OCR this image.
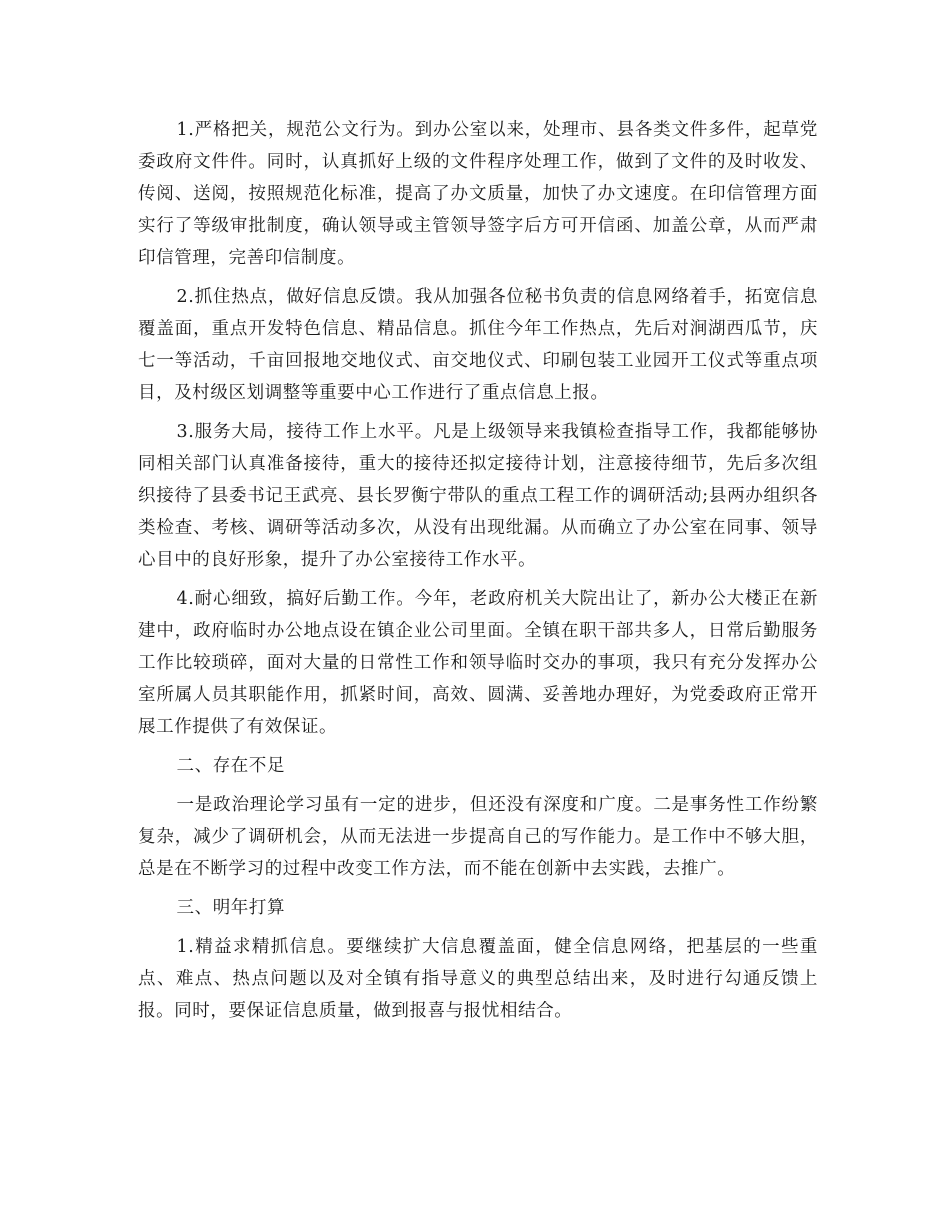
1.严格把关，规范公文行为。到办公室以来，处理市、县各类文件多件，起草党委政府文件件。同时，认真抓好上级的文件程序处理工作，做到了文件的及时收发、传阅、送阅，按照规范化标准，提高了办文质量，加快了办文速度。在印信管理方面实行了等级审批制度，确认领导或主管领导签字后方可开信函、加盖公章，从而严肃印信管理，完善印信制度。

2.抓住热点，做好信息反馈。我从加强各位秘书负责的信息网络着手，拓宽信息覆盖面，重点开发特色信息、精品信息。抓住今年工作热点，先后对涧湖西瓜节，庆七一等活动，千亩回报地交地仪式、亩交地仪式、印刷包装工业园开工仪式等重点项目，及村级区划调整等重要中心工作进行了重点信息上报。

3.服务大局，接待工作上水平。凡是上级领导来我镇检查指导工作，我都能够协同相关部门认真准备接待，重大的接待还拟定接待计划，注意接待细节，先后多次组织接待了县委书记王武亮、县长罗衡宁带队的重点工程工作的调研活动;县两办组织各类检查、考核、调研等活动多次，从没有出现纰漏。从而确立了办公室在同事、领导心目中的良好形象，提升了办公室接待工作水平。

4.耐心细致，搞好后勤工作。今年，老政府机关大院出让了，新办公大楼正在新建中，政府临时办公地点设在镇企业公司里面。全镇在职干部共多人，日常后勤服务工作比较琐碎，面对大量的日常性工作和领导临时交办的事项，我只有充分发挥办公室所属人员其职能作用，抓紧时间，高效、圆满、妥善地办理好，为党委政府正常开展工作提供了有效保证。

二、存在不足

一是政治理论学习虽有一定的进步，但还没有深度和广度。二是事务性工作纷繁复杂，减少了调研机会，从而无法进一步提高自己的写作能力。是工作中不够大胆，总是在不断学习的过程中改变工作方法，而不能在创新中去实践，去推广。

三、明年打算

1.精益求精抓信息。要继续扩大信息覆盖面，健全信息网络，把基层的一些重点、难点、热点问题以及对全镇有指导意义的典型总结出来，及时进行勾通反馈上报。同时，要保证信息质量，做到报喜与报忧相结合。
